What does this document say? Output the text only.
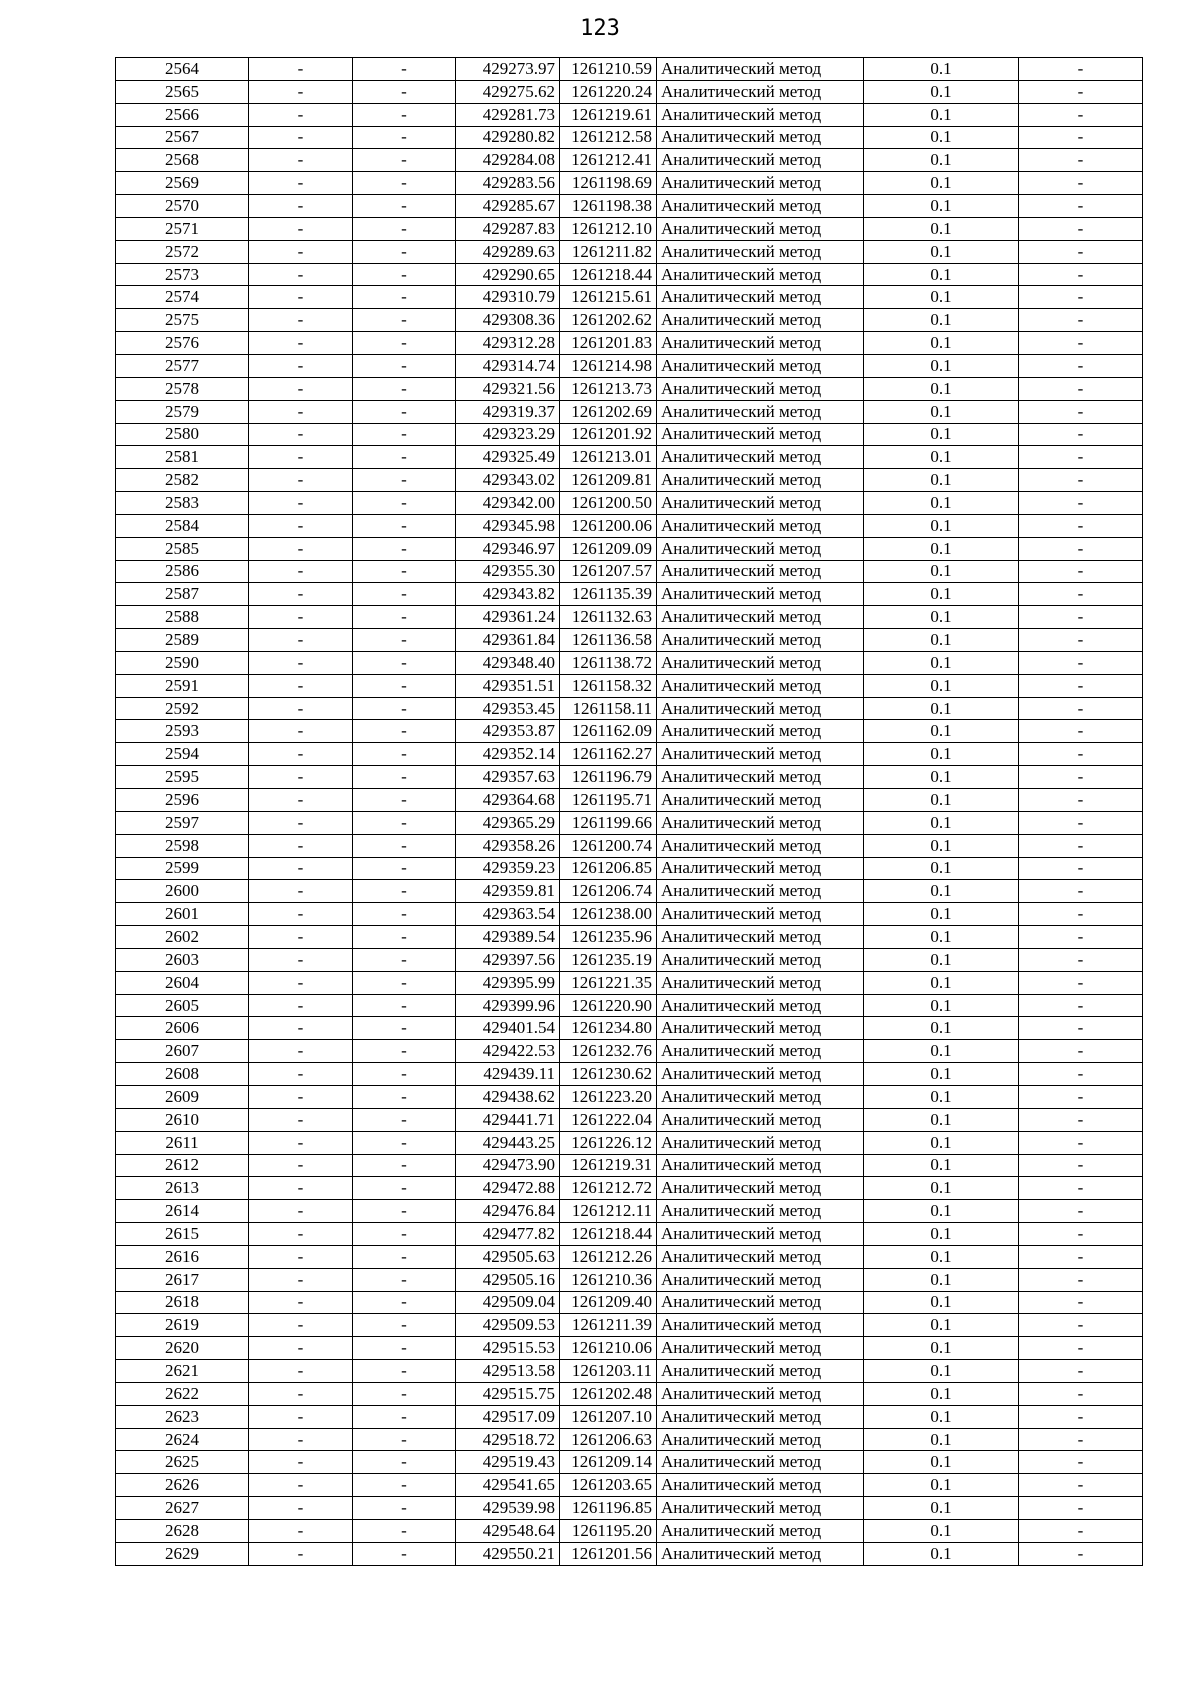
123
2564	-	-	429273.97	1261210.59	Аналитический метод	0.1	-
2565	-	-	429275.62	1261220.24	Аналитический метод	0.1	-
2566	-	-	429281.73	1261219.61	Аналитический метод	0.1	-
2567	-	-	429280.82	1261212.58	Аналитический метод	0.1	-
2568	-	-	429284.08	1261212.41	Аналитический метод	0.1	-
2569	-	-	429283.56	1261198.69	Аналитический метод	0.1	-
2570	-	-	429285.67	1261198.38	Аналитический метод	0.1	-
2571	-	-	429287.83	1261212.10	Аналитический метод	0.1	-
2572	-	-	429289.63	1261211.82	Аналитический метод	0.1	-
2573	-	-	429290.65	1261218.44	Аналитический метод	0.1	-
2574	-	-	429310.79	1261215.61	Аналитический метод	0.1	-
2575	-	-	429308.36	1261202.62	Аналитический метод	0.1	-
2576	-	-	429312.28	1261201.83	Аналитический метод	0.1	-
2577	-	-	429314.74	1261214.98	Аналитический метод	0.1	-
2578	-	-	429321.56	1261213.73	Аналитический метод	0.1	-
2579	-	-	429319.37	1261202.69	Аналитический метод	0.1	-
2580	-	-	429323.29	1261201.92	Аналитический метод	0.1	-
2581	-	-	429325.49	1261213.01	Аналитический метод	0.1	-
2582	-	-	429343.02	1261209.81	Аналитический метод	0.1	-
2583	-	-	429342.00	1261200.50	Аналитический метод	0.1	-
2584	-	-	429345.98	1261200.06	Аналитический метод	0.1	-
2585	-	-	429346.97	1261209.09	Аналитический метод	0.1	-
2586	-	-	429355.30	1261207.57	Аналитический метод	0.1	-
2587	-	-	429343.82	1261135.39	Аналитический метод	0.1	-
2588	-	-	429361.24	1261132.63	Аналитический метод	0.1	-
2589	-	-	429361.84	1261136.58	Аналитический метод	0.1	-
2590	-	-	429348.40	1261138.72	Аналитический метод	0.1	-
2591	-	-	429351.51	1261158.32	Аналитический метод	0.1	-
2592	-	-	429353.45	1261158.11	Аналитический метод	0.1	-
2593	-	-	429353.87	1261162.09	Аналитический метод	0.1	-
2594	-	-	429352.14	1261162.27	Аналитический метод	0.1	-
2595	-	-	429357.63	1261196.79	Аналитический метод	0.1	-
2596	-	-	429364.68	1261195.71	Аналитический метод	0.1	-
2597	-	-	429365.29	1261199.66	Аналитический метод	0.1	-
2598	-	-	429358.26	1261200.74	Аналитический метод	0.1	-
2599	-	-	429359.23	1261206.85	Аналитический метод	0.1	-
2600	-	-	429359.81	1261206.74	Аналитический метод	0.1	-
2601	-	-	429363.54	1261238.00	Аналитический метод	0.1	-
2602	-	-	429389.54	1261235.96	Аналитический метод	0.1	-
2603	-	-	429397.56	1261235.19	Аналитический метод	0.1	-
2604	-	-	429395.99	1261221.35	Аналитический метод	0.1	-
2605	-	-	429399.96	1261220.90	Аналитический метод	0.1	-
2606	-	-	429401.54	1261234.80	Аналитический метод	0.1	-
2607	-	-	429422.53	1261232.76	Аналитический метод	0.1	-
2608	-	-	429439.11	1261230.62	Аналитический метод	0.1	-
2609	-	-	429438.62	1261223.20	Аналитический метод	0.1	-
2610	-	-	429441.71	1261222.04	Аналитический метод	0.1	-
2611	-	-	429443.25	1261226.12	Аналитический метод	0.1	-
2612	-	-	429473.90	1261219.31	Аналитический метод	0.1	-
2613	-	-	429472.88	1261212.72	Аналитический метод	0.1	-
2614	-	-	429476.84	1261212.11	Аналитический метод	0.1	-
2615	-	-	429477.82	1261218.44	Аналитический метод	0.1	-
2616	-	-	429505.63	1261212.26	Аналитический метод	0.1	-
2617	-	-	429505.16	1261210.36	Аналитический метод	0.1	-
2618	-	-	429509.04	1261209.40	Аналитический метод	0.1	-
2619	-	-	429509.53	1261211.39	Аналитический метод	0.1	-
2620	-	-	429515.53	1261210.06	Аналитический метод	0.1	-
2621	-	-	429513.58	1261203.11	Аналитический метод	0.1	-
2622	-	-	429515.75	1261202.48	Аналитический метод	0.1	-
2623	-	-	429517.09	1261207.10	Аналитический метод	0.1	-
2624	-	-	429518.72	1261206.63	Аналитический метод	0.1	-
2625	-	-	429519.43	1261209.14	Аналитический метод	0.1	-
2626	-	-	429541.65	1261203.65	Аналитический метод	0.1	-
2627	-	-	429539.98	1261196.85	Аналитический метод	0.1	-
2628	-	-	429548.64	1261195.20	Аналитический метод	0.1	-
2629	-	-	429550.21	1261201.56	Аналитический метод	0.1	-
